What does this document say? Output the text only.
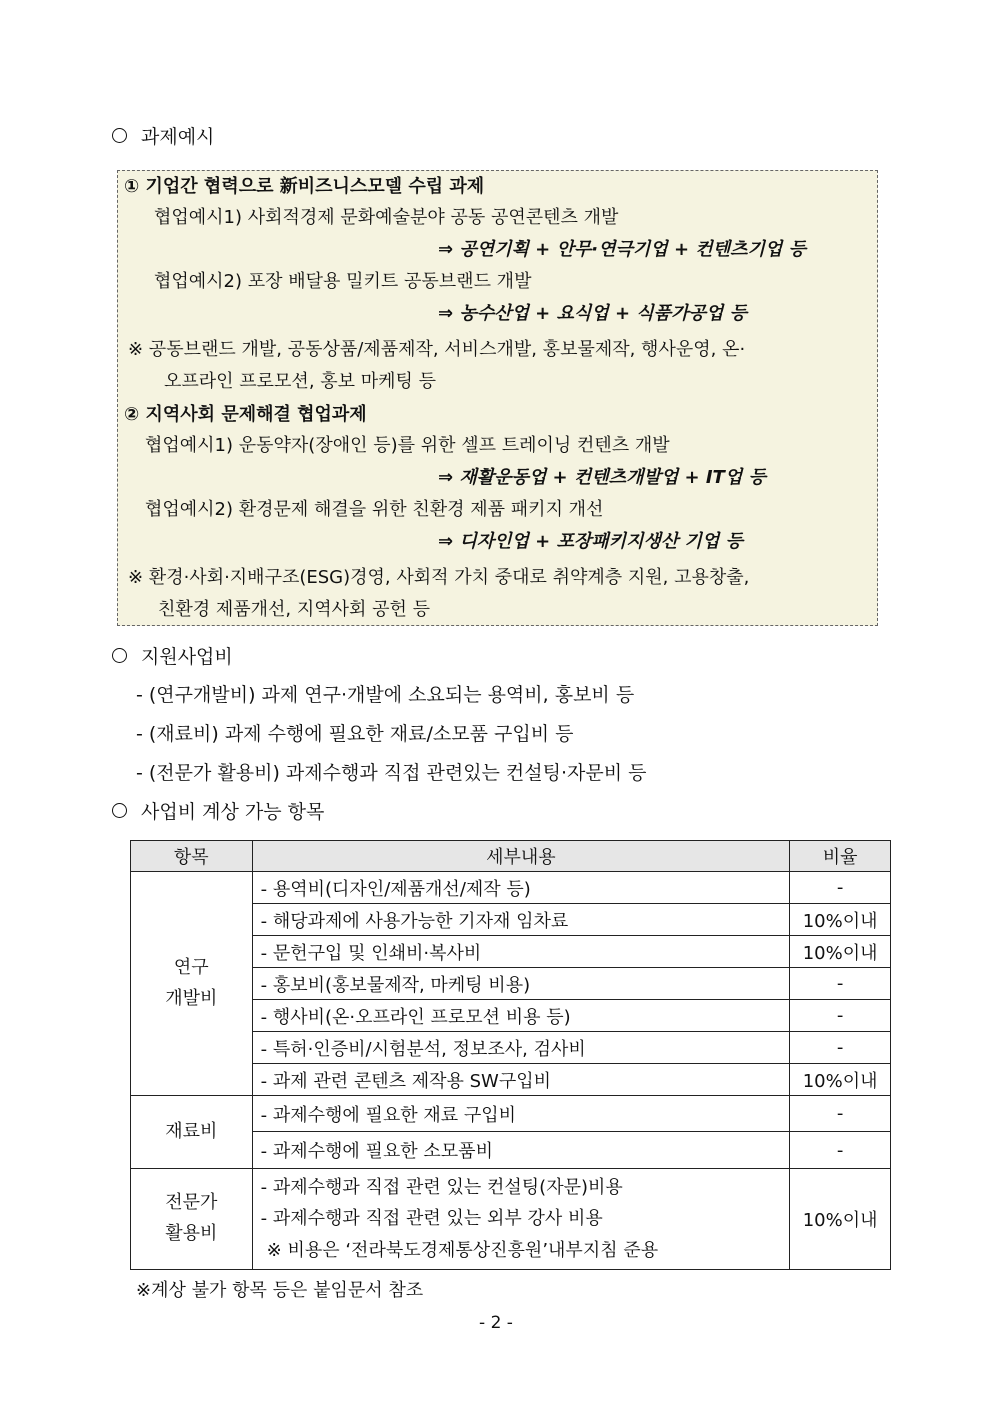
과제예시
① 기업간 협력으로 新비즈니스모델 수립 과제
협업예시1) 사회적경제 문화예술분야 공동 공연콘텐츠 개발
⇒ 공연기획 + 안무·연극기업 + 컨텐츠기업 등
협업예시2) 포장 배달용 밀키트 공동브랜드 개발
⇒ 농수산업 + 요식업 + 식품가공업 등
※ 공동브랜드 개발, 공동상품/제품제작, 서비스개발, 홍보물제작, 행사운영, 온·
오프라인 프로모션, 홍보 마케팅 등
② 지역사회 문제해결 협업과제
협업예시1) 운동약자(장애인 등)를 위한 셀프 트레이닝 컨텐츠 개발
⇒ 재활운동업 + 컨텐츠개발업 + IT업 등
협업예시2) 환경문제 해결을 위한 친환경 제품 패키지 개선
⇒ 디자인업 + 포장패키지생산 기업 등
※ 환경·사회·지배구조(ESG)경영, 사회적 가치 중대로 취약계층 지원, 고용창출,
친환경 제품개선, 지역사회 공헌 등
지원사업비
- (연구개발비) 과제 연구·개발에 소요되는 용역비, 홍보비 등
- (재료비) 과제 수행에 필요한 재료/소모품 구입비 등
- (전문가 활용비) 과제수행과 직접 관련있는 컨설팅·자문비 등
사업비 계상 가능 항목
항목	세부내용	비율
연구
개발비	- 용역비(디자인/제품개선/제작 등)	-
	- 해당과제에 사용가능한 기자재 임차료	10%이내
	- 문헌구입 및 인쇄비·복사비	10%이내
	- 홍보비(홍보물제작, 마케팅 비용)	-
	- 행사비(온·오프라인 프로모션 비용 등)	-
	- 특허·인증비/시험분석, 정보조사, 검사비	-
	- 과제 관련 콘텐츠 제작용 SW구입비	10%이내
재료비	- 과제수행에 필요한 재료 구입비	-
	- 과제수행에 필요한 소모품비	-
전문가
활용비	- 과제수행과 직접 관련 있는 컨설팅(자문)비용
- 과제수행과 직접 관련 있는 외부 강사 비용
※ 비용은 ‘전라북도경제통상진흥원’내부지침 준용	10%이내
※계상 불가 항목 등은 붙임문서 참조
- 2 -
